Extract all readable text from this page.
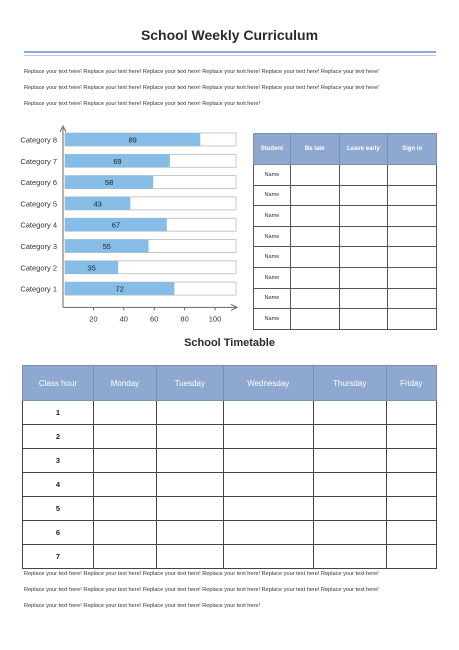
School Weekly Curriculum
Replace your text here! Replace your text here! Replace your text here! Replace your text here! Replace your text here! Replace your text here!
Replace your text here! Replace your text here! Replace your text here! Replace your text here! Replace your text here! Replace your text here!
Replace your text here! Replace your text here! Replace your text here! Replace your text here!
89
Category 8
69
Category 7
58
Category 6
43
Category 5
67
Category 4
55
Category 3
35
Category 2
72
Category 1
20	40	60	80	100
Student	Be late	Leave early	Sign in
Name			
Name			
Name			
Name			
Name			
Name			
Name			
Name			
School Timetable
Class hour	Monday	Tuesday	Wednesday	Thursday	Friday
1					
2					
3					
4					
5					
6					
7					
Replace your text here! Replace your text here! Replace your text here! Replace your text here! Replace your text here! Replace your text here!
Replace your text here! Replace your text here! Replace your text here! Replace your text here! Replace your text here! Replace your text here!
Replace your text here! Replace your text here! Replace your text here! Replace your text here!
